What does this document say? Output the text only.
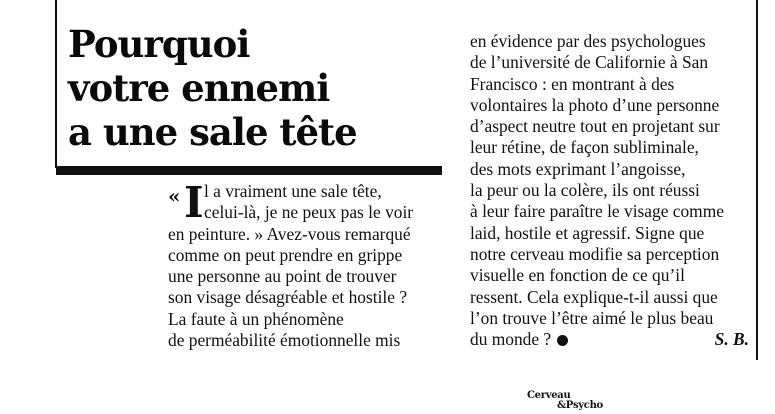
Pourquoi
votre ennemi
a une sale tête
« I l a vraiment une sale tête,
celui-là, je ne peux pas le voir
en peinture. » Avez-vous remarqué
comme on peut prendre en grippe
une personne au point de trouver
son visage désagréable et hostile ?
La faute à un phénomène
de perméabilité émotionnelle mis

en évidence par des psychologues
de l’université de Californie à San
Francisco : en montrant à des
volontaires la photo d’une personne
d’aspect neutre tout en projetant sur
leur rétine, de façon subliminale,
des mots exprimant l’angoisse,
la peur ou la colère, ils ont réussi
à leur faire paraître le visage comme
laid, hostile et agressif. Signe que
notre cerveau modifie sa perception
visuelle en fonction de ce qu’il
ressent. Cela explique-t-il aussi que
l’on trouve l’être aimé le plus beau
du monde ?	S. B.

Cerveau
&Psycho
